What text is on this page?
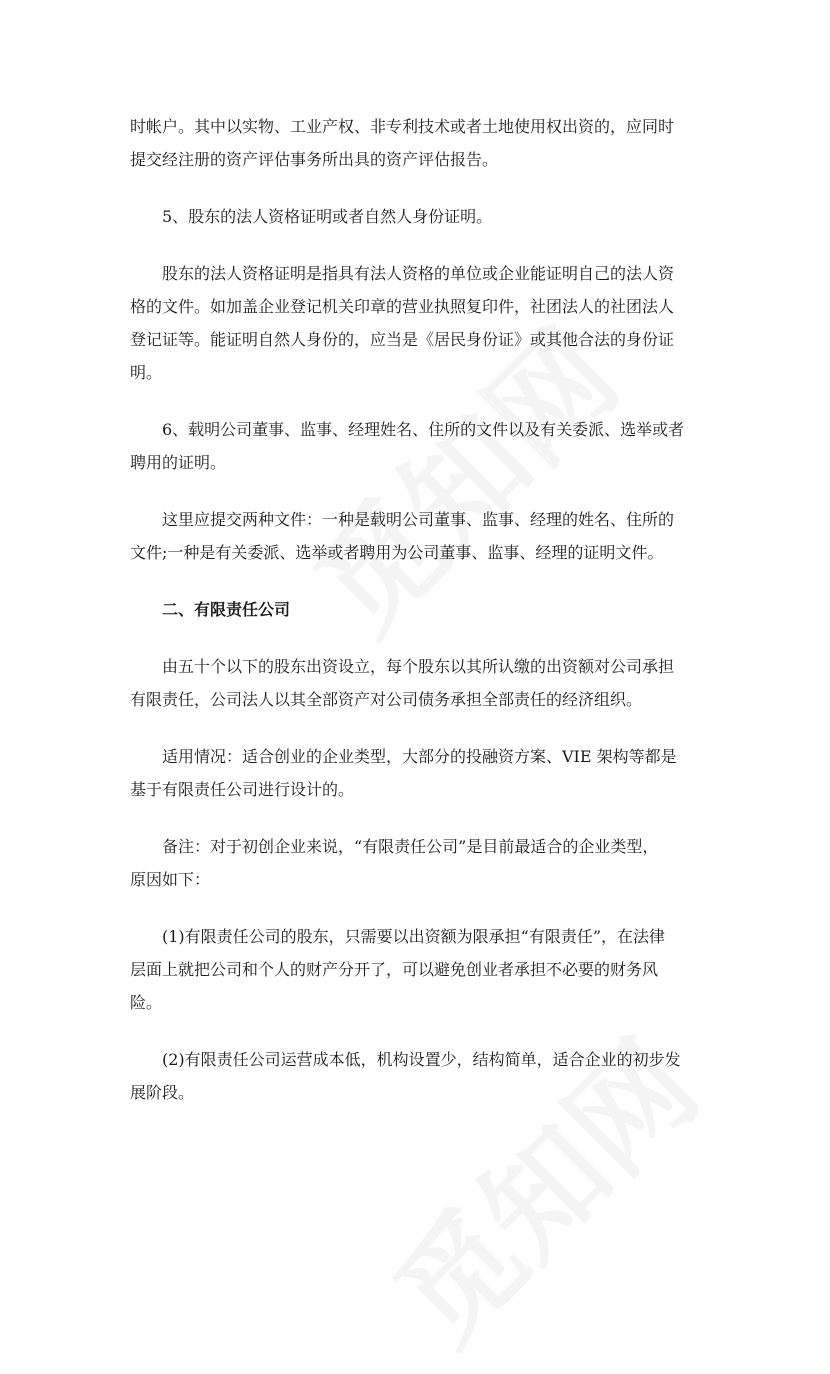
时帐户。其中以实物、工业产权、非专利技术或者土地使用权出资的，应同时
提交经注册的资产评估事务所出具的资产评估报告。

5、股东的法人资格证明或者自然人身份证明。

股东的法人资格证明是指具有法人资格的单位或企业能证明自己的法人资
格的文件。如加盖企业登记机关印章的营业执照复印件，社团法人的社团法人
登记证等。能证明自然人身份的，应当是《居民身份证》或其他合法的身份证
明。

6、载明公司董事、监事、经理姓名、住所的文件以及有关委派、选举或者
聘用的证明。

这里应提交两种文件：一种是载明公司董事、监事、经理的姓名、住所的
文件;一种是有关委派、选举或者聘用为公司董事、监事、经理的证明文件。

二、有限责任公司

由五十个以下的股东出资设立，每个股东以其所认缴的出资额对公司承担
有限责任，公司法人以其全部资产对公司债务承担全部责任的经济组织。

适用情况：适合创业的企业类型，大部分的投融资方案、VIE 架构等都是
基于有限责任公司进行设计的。

备注：对于初创企业来说，“有限责任公司”是目前最适合的企业类型，
原因如下：

(1)有限责任公司的股东，只需要以出资额为限承担“有限责任”，在法律
层面上就把公司和个人的财产分开了，可以避免创业者承担不必要的财务风
险。

(2)有限责任公司运营成本低，机构设置少，结构简单，适合企业的初步发
展阶段。
